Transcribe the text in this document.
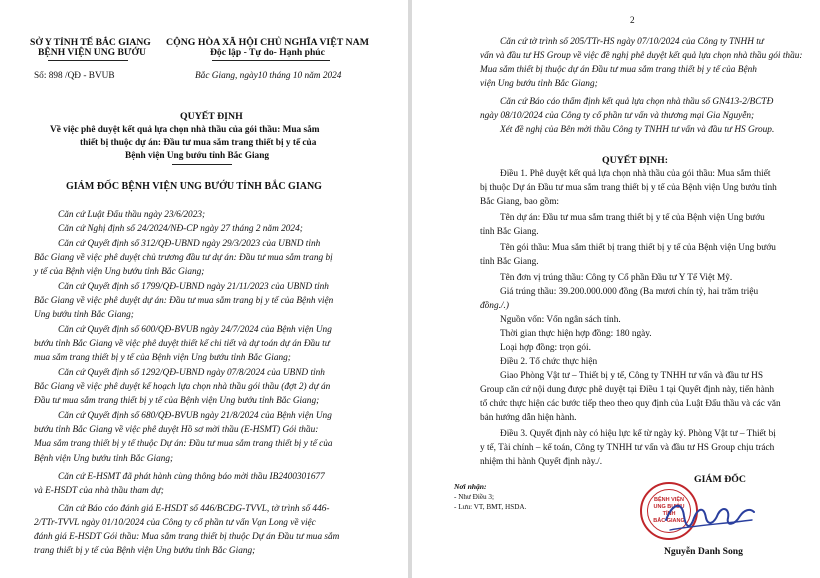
SỞ Y TỈNH TẾ BẮC GIANG
BỆNH VIỆN UNG BƯỚU
Số: 898 /QĐ - BVUB
CỘNG HÒA XÃ HỘI CHỦ NGHĨA VIỆT NAM
Độc lập - Tự do- Hạnh phúc
Bắc Giang, ngày10 tháng 10 năm 2024
QUYẾT ĐỊNH
Về việc phê duyệt kết quả lựa chọn nhà thầu của gói thầu: Mua sắm
thiết bị thuộc dự án: Đầu tư mua sắm trang thiết bị y tế của
Bệnh viện Ung bướu tỉnh Bắc Giang
GIÁM ĐỐC BỆNH VIỆN UNG BƯỚU TỈNH BẮC GIANG
Căn cứ Luật Đấu thầu ngày 23/6/2023;
Căn cứ Nghị định số 24/2024/NĐ-CP ngày 27 tháng 2 năm 2024;
Căn cứ Quyết định số 312/QĐ-UBND ngày 29/3/2023 của UBND tỉnh
Bắc Giang về việc phê duyệt chủ trương đầu tư dự án: Đầu tư mua sắm trang bị
y tế của Bệnh viện Ung bướu tỉnh Bắc Giang;
Căn cứ Quyết định số 1799/QĐ-UBND ngày 21/11/2023 của UBND tỉnh
Bắc Giang về việc phê duyệt dự án: Đầu tư mua sắm trang bị y tế của Bệnh viện
Ung bướu tỉnh Bắc Giang;
Căn cứ Quyết định số 600/QĐ-BVUB ngày 24/7/2024 của Bệnh viện Ung
bướu tỉnh Bắc Giang về việc phê duyệt thiết kế chi tiết và dự toán dự án Đầu tư
mua sắm trang thiết bị y tế của Bệnh viện Ung bướu tỉnh Bắc Giang;
Căn cứ Quyết định số 1292/QĐ-UBND ngày 07/8/2024 của UBND tỉnh
Bắc Giang về việc phê duyệt kế hoạch lựa chọn nhà thầu gói thầu (đợt 2) dự án
Đầu tư mua sắm trang thiết bị y tế của Bệnh viện Ung bướu tỉnh Bắc Giang;
Căn cứ Quyết định số 680/QĐ-BVUB ngày 21/8/2024 của Bệnh viện Ung
bướu tỉnh Bắc Giang về việc phê duyệt Hồ sơ mời thầu (E-HSMT) Gói thầu:
Mua sắm trang thiết bị y tế thuộc Dự án: Đầu tư mua sắm trang thiết bị y tế của
Bệnh viện Ung bướu tỉnh Bắc Giang;
Căn cứ E-HSMT đã phát hành cùng thông báo mời thầu IB2400301677
và E-HSDT của nhà thầu tham dự;
Căn cứ Báo cáo đánh giá E-HSDT số 446/BCĐG-TVVL, tờ trình số 446-
2/TTr-TVVL ngày 01/10/2024 của Công ty cổ phần tư vấn Vạn Long về việc
đánh giá E-HSDT Gói thầu: Mua sắm trang thiết bị thuộc Dự án Đầu tư mua sắm
trang thiết bị y tế của Bệnh viện Ung bướu tỉnh Bắc Giang;
2
Căn cứ tờ trình số 205/TTr-HS ngày 07/10/2024 của Công ty TNHH tư
vấn và đầu tư HS Group về việc đề nghị phê duyệt kết quả lựa chọn nhà thầu gói thầu:
Mua sắm thiết bị thuộc dự án Đầu tư mua sắm trang thiết bị y tế của Bệnh
viện Ung bướu tỉnh Bắc Giang;
Căn cứ Báo cáo thẩm định kết quả lựa chọn nhà thầu số GN413-2/BCTĐ
ngày 08/10/2024 của Công ty cổ phần tư vấn và thương mại Gia Nguyễn;
Xét đề nghị của Bên mời thầu Công ty TNHH tư vấn và đầu tư HS Group.
QUYẾT ĐỊNH:
Điều 1. Phê duyệt kết quả lựa chọn nhà thầu của gói thầu: Mua sắm thiết
bị thuộc Dự án Đầu tư mua sắm trang thiết bị y tế của Bệnh viện Ung bướu tỉnh
Bắc Giang, bao gồm:
Tên dự án: Đầu tư mua sắm trang thiết bị y tế của Bệnh viện Ung bướu
tỉnh Bắc Giang.
Tên gói thầu: Mua sắm thiết bị trang thiết bị y tế của Bệnh viện Ung bướu
tỉnh Bắc Giang.
Tên đơn vị trúng thầu: Công ty Cổ phần Đầu tư Y Tế Việt Mỹ.
Giá trúng thầu: 39.200.000.000 đồng (Ba mươi chín tỷ, hai trăm triệu
đồng./.)
Nguồn vốn: Vốn ngân sách tỉnh.
Thời gian thực hiện hợp đồng: 180 ngày.
Loại hợp đồng: trọn gói.
Điều 2. Tổ chức thực hiện
Giao Phòng Vật tư – Thiết bị y tế, Công ty TNHH tư vấn và đầu tư HS
Group căn cứ nội dung được phê duyệt tại Điều 1 tại Quyết định này, tiến hành
tổ chức thực hiện các bước tiếp theo theo quy định của Luật Đấu thầu và các văn
bản hướng dẫn hiện hành.
Điều 3. Quyết định này có hiệu lực kể từ ngày ký. Phòng Vật tư – Thiết bị
y tế, Tài chính – kế toán, Công ty TNHH tư vấn và đầu tư HS Group chịu trách
nhiệm thi hành Quyết định này./.
Nơi nhận:
- Như Điều 3;
- Lưu: VT, BMT, HSDA.
GIÁM ĐỐC
BỆNH VIỆN
UNG BƯỚU
TỈNH
BẮC GIANG
Nguyễn Danh Song
